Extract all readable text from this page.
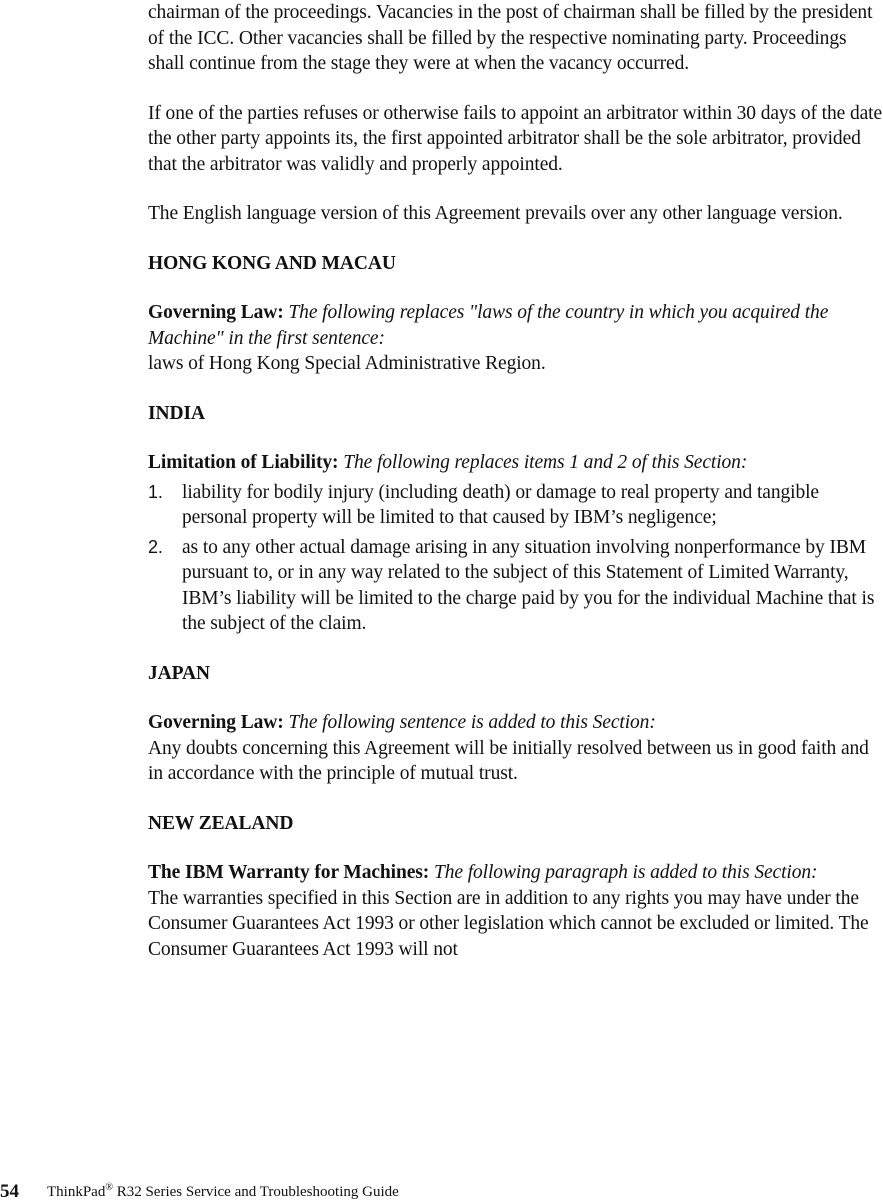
chairman of the proceedings. Vacancies in the post of chairman shall be filled by the president of the ICC. Other vacancies shall be filled by the respective nominating party. Proceedings shall continue from the stage they were at when the vacancy occurred.

If one of the parties refuses or otherwise fails to appoint an arbitrator within 30 days of the date the other party appoints its, the first appointed arbitrator shall be the sole arbitrator, provided that the arbitrator was validly and properly appointed.

The English language version of this Agreement prevails over any other language version.

HONG KONG AND MACAU

Governing Law: The following replaces "laws of the country in which you acquired the Machine" in the first sentence:
laws of Hong Kong Special Administrative Region.

INDIA

Limitation of Liability: The following replaces items 1 and 2 of this Section:

1. liability for bodily injury (including death) or damage to real property and tangible personal property will be limited to that caused by IBM’s negligence;
2. as to any other actual damage arising in any situation involving nonperformance by IBM pursuant to, or in any way related to the subject of this Statement of Limited Warranty, IBM’s liability will be limited to the charge paid by you for the individual Machine that is the subject of the claim.

JAPAN

Governing Law: The following sentence is added to this Section:
Any doubts concerning this Agreement will be initially resolved between us in good faith and in accordance with the principle of mutual trust.

NEW ZEALAND

The IBM Warranty for Machines: The following paragraph is added to this Section:
The warranties specified in this Section are in addition to any rights you may have under the Consumer Guarantees Act 1993 or other legislation which cannot be excluded or limited. The Consumer Guarantees Act 1993 will not

54 ThinkPad® R32 Series Service and Troubleshooting Guide
